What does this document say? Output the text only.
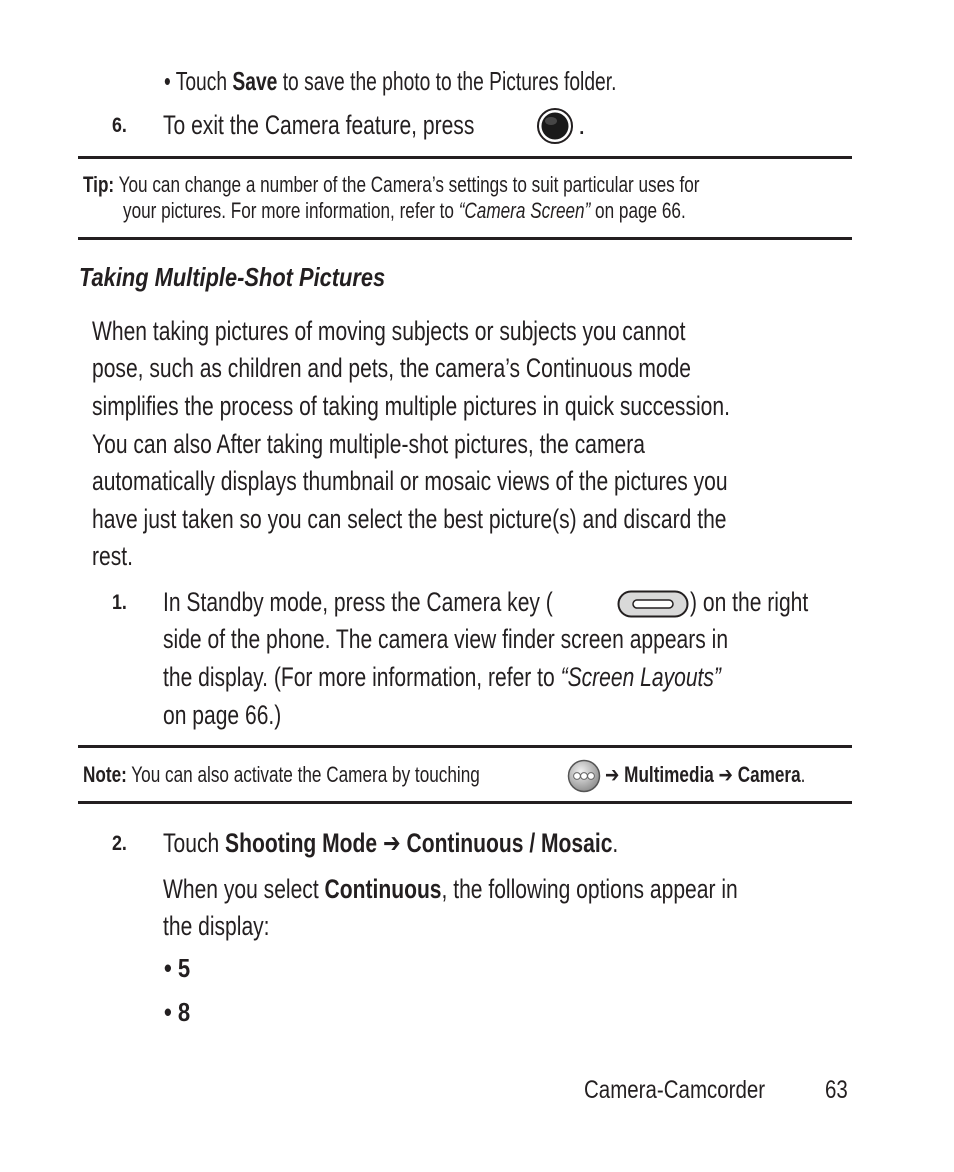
• Touch Save to save the photo to the Pictures folder.
6. To exit the Camera feature, press	.
Tip: You can change a number of the Camera’s settings to suit particular uses for
your pictures. For more information, refer to “Camera Screen” on page 66.
Taking Multiple-Shot Pictures
When taking pictures of moving subjects or subjects you cannot
pose, such as children and pets, the camera’s Continuous mode
simplifies the process of taking multiple pictures in quick succession.
You can also After taking multiple-shot pictures, the camera
automatically displays thumbnail or mosaic views of the pictures you
have just taken so you can select the best picture(s) and discard the
rest.
1. In Standby mode, press the Camera key (	) on the right
side of the phone. The camera view finder screen appears in
the display. (For more information, refer to “Screen Layouts”
on page 66.)
Note: You can also activate the Camera by touching	➔ Multimedia ➔ Camera.
2. Touch Shooting Mode ➔ Continuous / Mosaic.
When you select Continuous, the following options appear in
the display:
• 5
• 8
Camera-Camcorder	63
